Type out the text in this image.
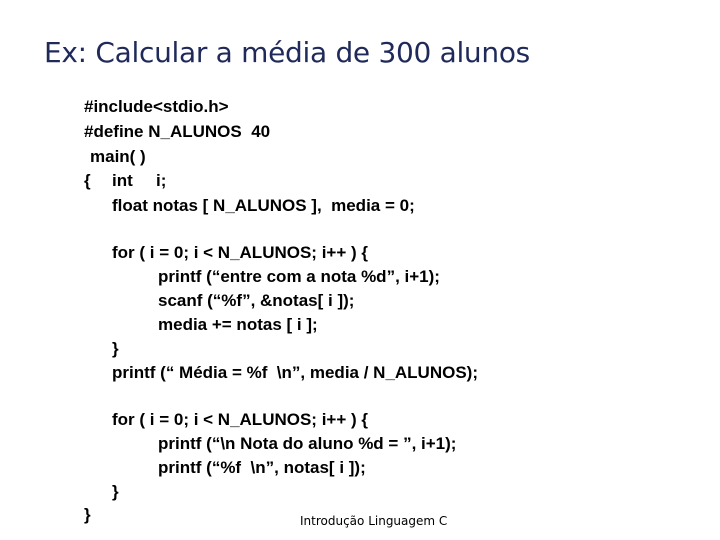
Ex: Calcular a média de 300 alunos
#include<stdio.h>
#define N_ALUNOS  40
main( )
{ int i;
float notas [ N_ALUNOS ],  media = 0;
for ( i = 0; i < N_ALUNOS; i++ ) {
printf (“entre com a nota %d”, i+1);
scanf (“%f”, &notas[ i ]);
media += notas [ i ];
}
printf (“ Média = %f  \n”, media / N_ALUNOS);
for ( i = 0; i < N_ALUNOS; i++ ) {
printf (“\n Nota do aluno %d = ”, i+1);
printf (“%f  \n”, notas[ i ]);
}
}	Introdução Linguagem C
